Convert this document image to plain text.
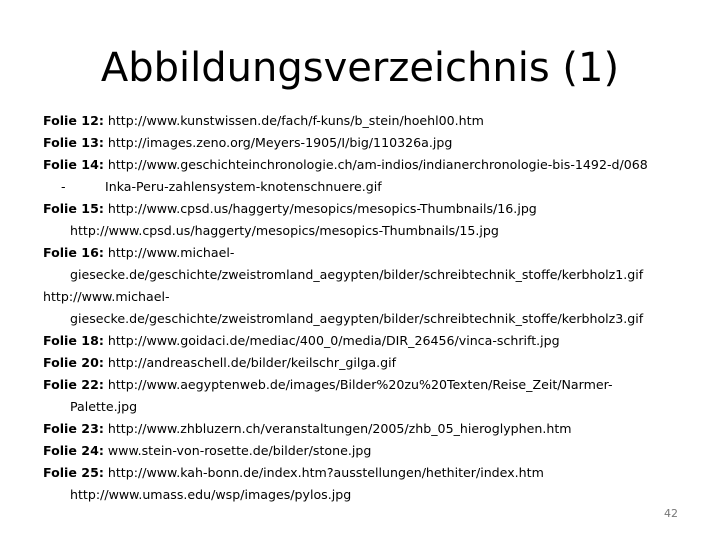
Abbildungsverzeichnis (1)
Folie 12: http://www.kunstwissen.de/fach/f-kuns/b_stein/hoehl00.htm
Folie 13: http://images.zeno.org/Meyers-1905/I/big/110326a.jpg
Folie 14: http://www.geschichteinchronologie.ch/am-indios/indianerchronologie-bis-1492-d/068
-	Inka-Peru-zahlensystem-knotenschnuere.gif
Folie 15: http://www.cpsd.us/haggerty/mesopics/mesopics-Thumbnails/16.jpg
http://www.cpsd.us/haggerty/mesopics/mesopics-Thumbnails/15.jpg
Folie 16: http://www.michael-
giesecke.de/geschichte/zweistromland_aegypten/bilder/schreibtechnik_stoffe/kerbholz1.gif
http://www.michael-
giesecke.de/geschichte/zweistromland_aegypten/bilder/schreibtechnik_stoffe/kerbholz3.gif
Folie 18: http://www.goidaci.de/mediac/400_0/media/DIR_26456/vinca-schrift.jpg
Folie 20: http://andreaschell.de/bilder/keilschr_gilga.gif
Folie 22: http://www.aegyptenweb.de/images/Bilder%20zu%20Texten/Reise_Zeit/Narmer-
Palette.jpg
Folie 23: http://www.zhbluzern.ch/veranstaltungen/2005/zhb_05_hieroglyphen.htm
Folie 24: www.stein-von-rosette.de/bilder/stone.jpg
Folie 25: http://www.kah-bonn.de/index.htm?ausstellungen/hethiter/index.htm
http://www.umass.edu/wsp/images/pylos.jpg
42
